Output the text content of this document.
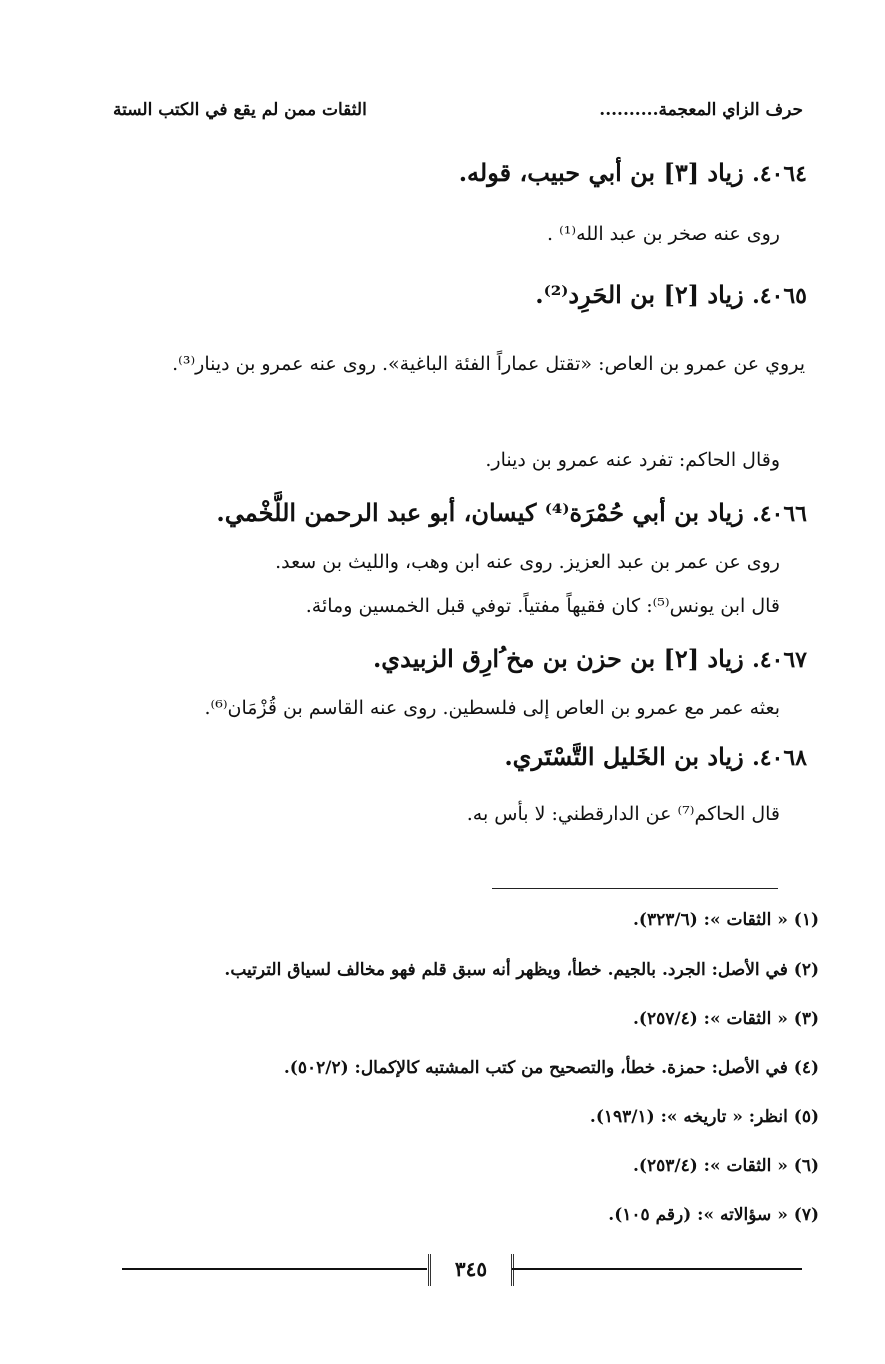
حرف الزاي المعجمة..........
الثقات ممن لم يقع في الكتب الستة
٤٠٦٤. زياد [٣] بن أبي حبيب، قوله.
روى عنه صخر بن عبد الله⁽¹⁾ .
٤٠٦٥. زياد [٢] بن الحَرِد⁽²⁾.
يروي عن عمرو بن العاص: «تقتل عماراً الفئة الباغية». روى عنه عمرو بن دينار⁽³⁾.
وقال الحاكم: تفرد عنه عمرو بن دينار.
٤٠٦٦. زياد بن أبي حُمْرَة⁽⁴⁾ كيسان، أبو عبد الرحمن اللَّخْمي.
روى عن عمر بن عبد العزيز. روى عنه ابن وهب، والليث بن سعد.
قال ابن يونس⁽⁵⁾: كان فقيهاً مفتياً. توفي قبل الخمسين ومائة.
٤٠٦٧. زياد [٢] بن حزن بن مخ ُارِق الزبيدي.
بعثه عمر مع عمرو بن العاص إلى فلسطين. روى عنه القاسم بن قُزْمَان⁽⁶⁾.
٤٠٦٨. زياد بن الخَليل التَّسْتَري.
قال الحاكم⁽⁷⁾ عن الدارقطني: لا بأس به.
(١) « الثقات »: (٣٢٣/٦).
(٢) في الأصل: الجرد. بالجيم. خطأ، ويظهر أنه سبق قلم فهو مخالف لسياق الترتيب.
(٣) « الثقات »: (٢٥٧/٤).
(٤) في الأصل: حمزة. خطأ، والتصحيح من كتب المشتبه كالإكمال: (٥٠٢/٢).
(٥) انظر: « تاريخه »: (١٩٣/١).
(٦) « الثقات »: (٢٥٣/٤).
(٧) « سؤالاته »: (رقم ١٠٥).
٣٤٥
